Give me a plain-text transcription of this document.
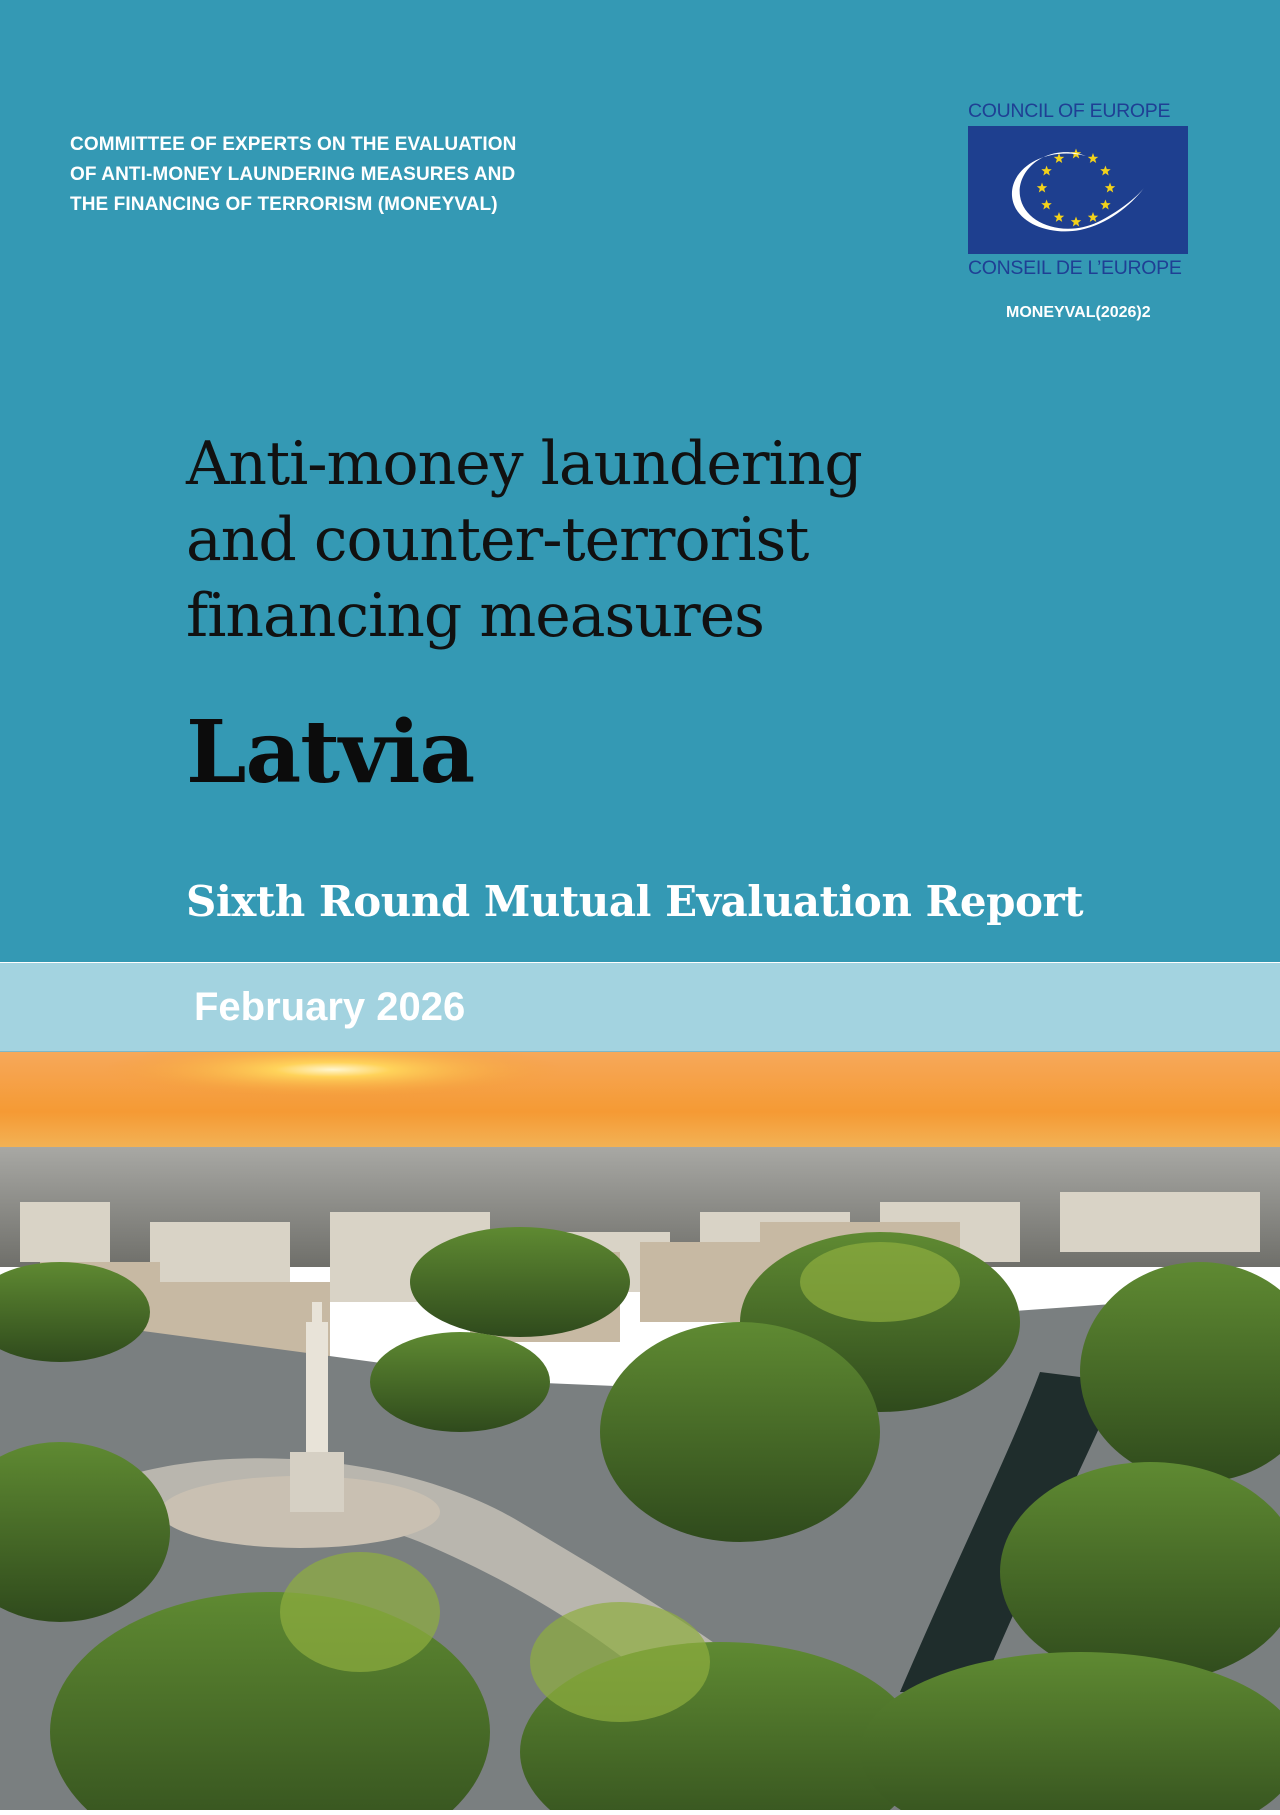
COMMITTEE OF EXPERTS ON THE EVALUATION
OF ANTI-MONEY LAUNDERING MEASURES AND
THE FINANCING OF TERRORISM (MONEYVAL)
COUNCIL OF EUROPE
CONSEIL DE L’EUROPE
MONEYVAL(2026)2
Anti-money laundering
and counter-terrorist
financing measures
Latvia
Sixth Round Mutual Evaluation Report
February 2026
